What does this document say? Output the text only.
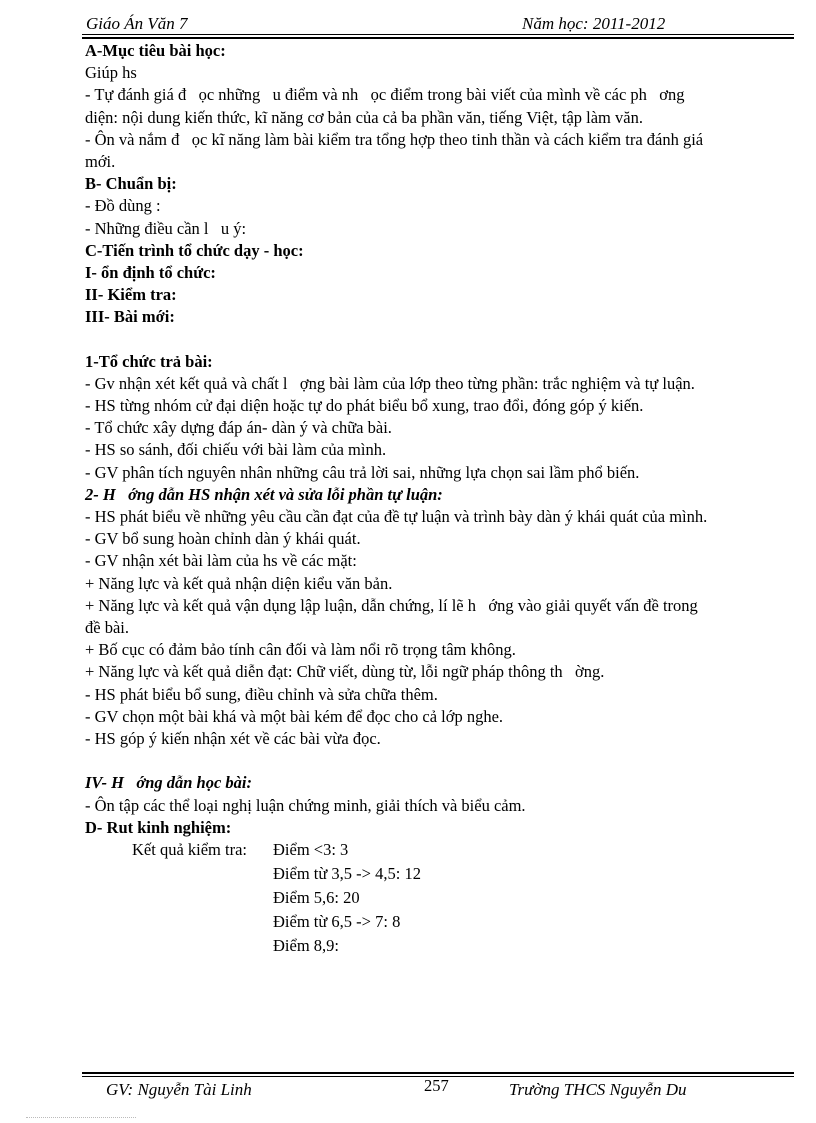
Giáo Án Văn 7	Năm học: 2011-2012

A-Mục tiêu bài học:

Giúp hs

- Tự đánh giá đ   ọc những   u điểm và nh   ọc điểm trong bài viết của mình về các ph   ơng

diện: nội dung kiến thức, kĩ năng cơ bản của cả ba phần văn, tiếng Việt, tập làm văn.

- Ôn và nắm đ   ọc kĩ năng làm bài kiểm tra tổng hợp theo tinh thần và cách kiểm tra đánh giá

mới.

B- Chuẩn bị:

- Đồ dùng :

- Những điều cần l   u ý:

C-Tiến trình tổ chức dạy - học:

I- ổn định tổ chức:

II- Kiểm tra:

III- Bài mới:

1-Tổ chức trả bài:

- Gv nhận xét kết quả và chất l   ợng bài làm của lớp theo từng phần: trắc nghiệm và tự luận.

- HS từng nhóm cử đại diện hoặc tự do phát biểu bổ xung, trao đổi, đóng góp ý kiến.

- Tổ chức xây dựng đáp án- dàn ý và chữa bài.

- HS so sánh, đối chiếu với bài làm của mình.

- GV phân tích nguyên nhân những câu trả lời sai, những lựa chọn sai lầm phổ biến.

2- H   ớng dẫn HS nhận xét và sửa lỗi phần tự luận:

- HS phát biểu về những yêu cầu cần đạt của đề tự luận và trình bày dàn ý khái quát của mình.

- GV bổ sung hoàn chỉnh dàn ý khái quát.

- GV nhận xét bài làm của hs về các mặt:

+ Năng lực và kết quả nhận diện kiểu văn bản.

+ Năng lực và kết quả vận dụng lập luận, dẫn chứng, lí lẽ h   ớng vào giải quyết vấn đề trong

đề bài.

+ Bố cục có đảm bảo tính cân đối và làm nổi rõ trọng tâm không.

+ Năng lực và kết quả diễn đạt: Chữ viết, dùng từ, lỗi ngữ pháp thông th   ờng.

- HS phát biểu bổ sung, điều chỉnh và sửa chữa thêm.

- GV chọn một bài khá và một bài kém để đọc cho cả lớp nghe.

- HS góp ý kiến nhận xét về các bài vừa đọc.

IV- H   ớng dẫn học bài:

- Ôn tập các thể loại nghị luận chứng minh, giải thích và biểu cảm.

D- Rut kinh nghiệm:

Kết quả kiểm tra: Điểm <3: 3
Điểm từ 3,5 -> 4,5: 12
Điểm 5,6: 20
Điểm từ 6,5 -> 7: 8
Điểm 8,9:
GV: Nguyễn Tài Linh	257	Trường THCS Nguyễn Du
